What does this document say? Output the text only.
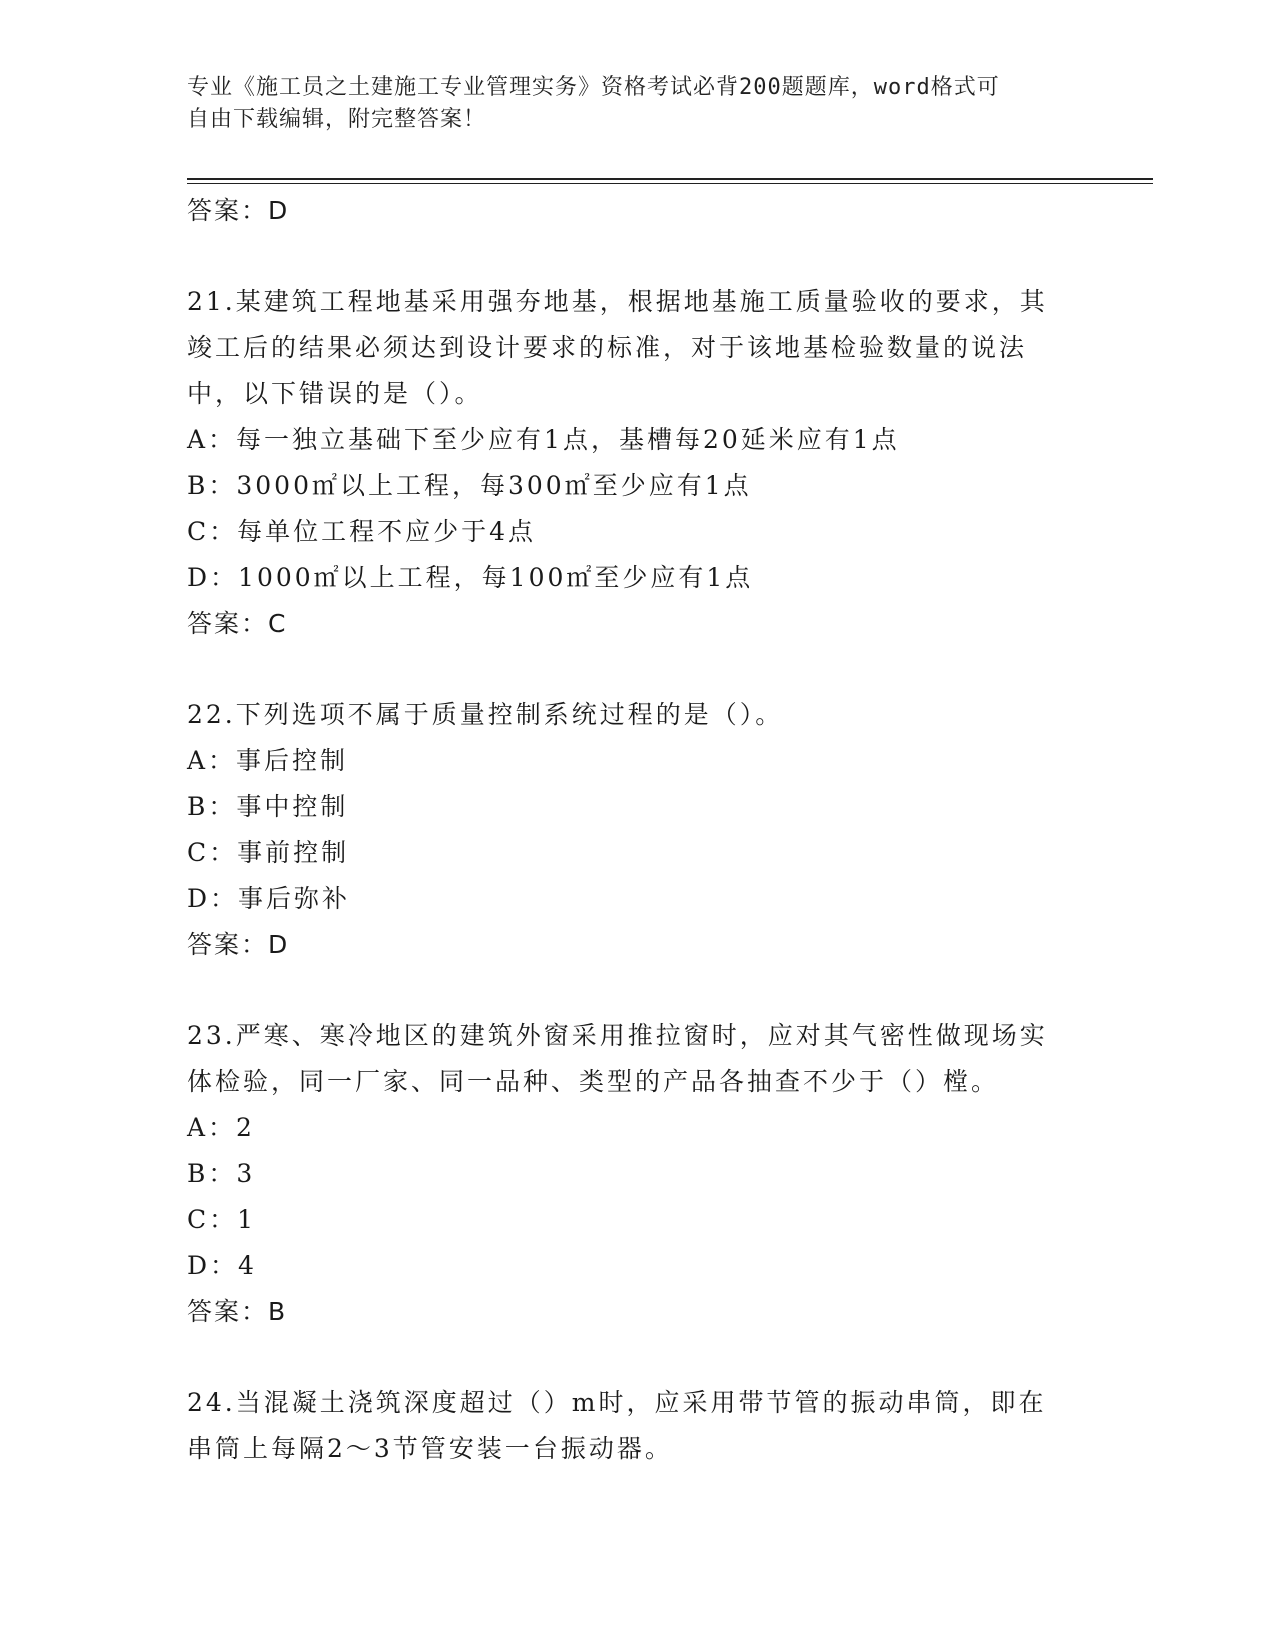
专业《施工员之土建施工专业管理实务》资格考试必背200题题库，word格式可
自由下载编辑，附完整答案！
答案：D
21.某建筑工程地基采用强夯地基，根据地基施工质量验收的要求，其
竣工后的结果必须达到设计要求的标准，对于该地基检验数量的说法
中，以下错误的是（）。
A：每一独立基础下至少应有1点，基槽每20延米应有1点
B：3000㎡以上工程，每300㎡至少应有1点
C：每单位工程不应少于4点
D：1000㎡以上工程，每100㎡至少应有1点
答案：C
22.下列选项不属于质量控制系统过程的是（）。
A：事后控制
B：事中控制
C：事前控制
D：事后弥补
答案：D
23.严寒、寒冷地区的建筑外窗采用推拉窗时，应对其气密性做现场实
体检验，同一厂家、同一品种、类型的产品各抽查不少于（）樘。
A：2
B：3
C：1
D：4
答案：B
24.当混凝土浇筑深度超过（）m时，应采用带节管的振动串筒，即在
串筒上每隔2～3节管安装一台振动器。
